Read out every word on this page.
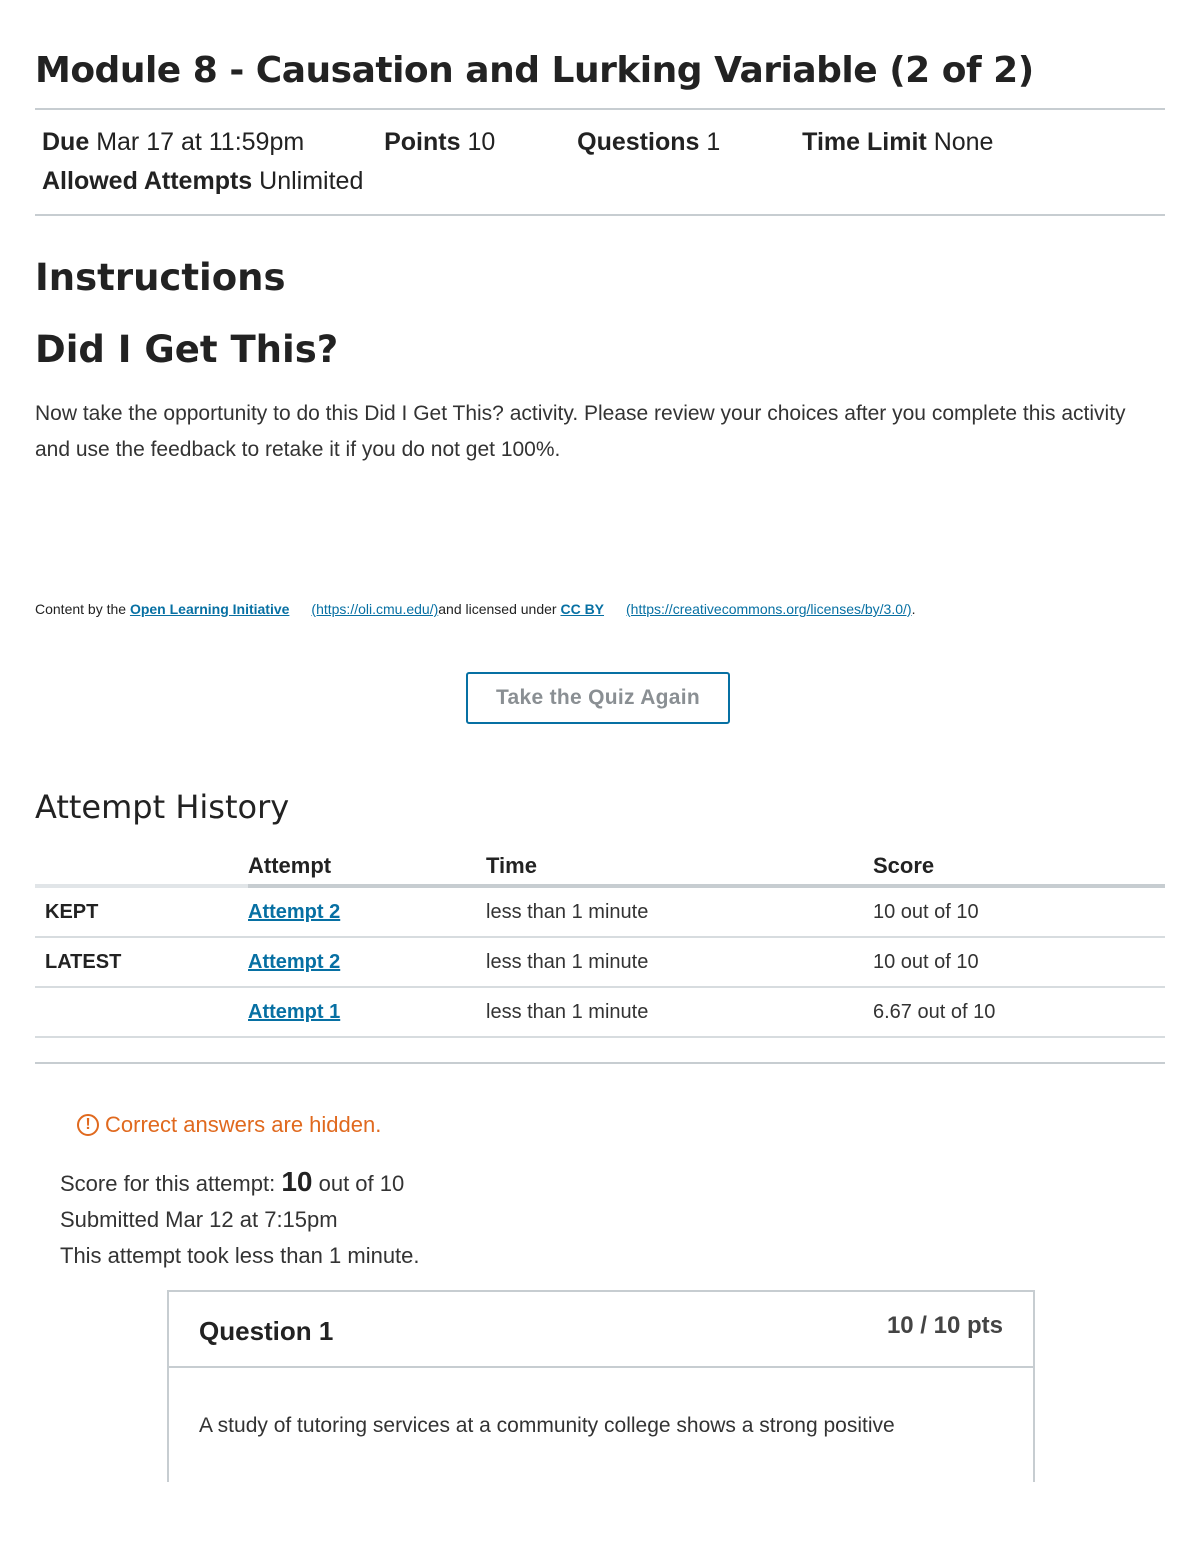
Module 8 - Causation and Lurking Variable (2 of 2)
Due Mar 17 at 11:59pm	Points 10	Questions 1	Time Limit None
Allowed Attempts Unlimited
Instructions
Did I Get This?

Now take the opportunity to do this Did I Get This? activity. Please review your choices after you complete this activity and use the feedback to retake it if you do not get 100%.

Content by the Open Learning Initiative (https://oli.cmu.edu/)and licensed under CC BY (https://creativecommons.org/licenses/by/3.0/).
Take the Quiz Again
Attempt History
	Attempt	Time	Score
KEPT	Attempt 2	less than 1 minute	10 out of 10
LATEST	Attempt 2	less than 1 minute	10 out of 10
	Attempt 1	less than 1 minute	6.67 out of 10
! Correct answers are hidden.
Score for this attempt: 10 out of 10
Submitted Mar 12 at 7:15pm
This attempt took less than 1 minute.
Question 1	10 / 10 pts
A study of tutoring services at a community college shows a strong positive
